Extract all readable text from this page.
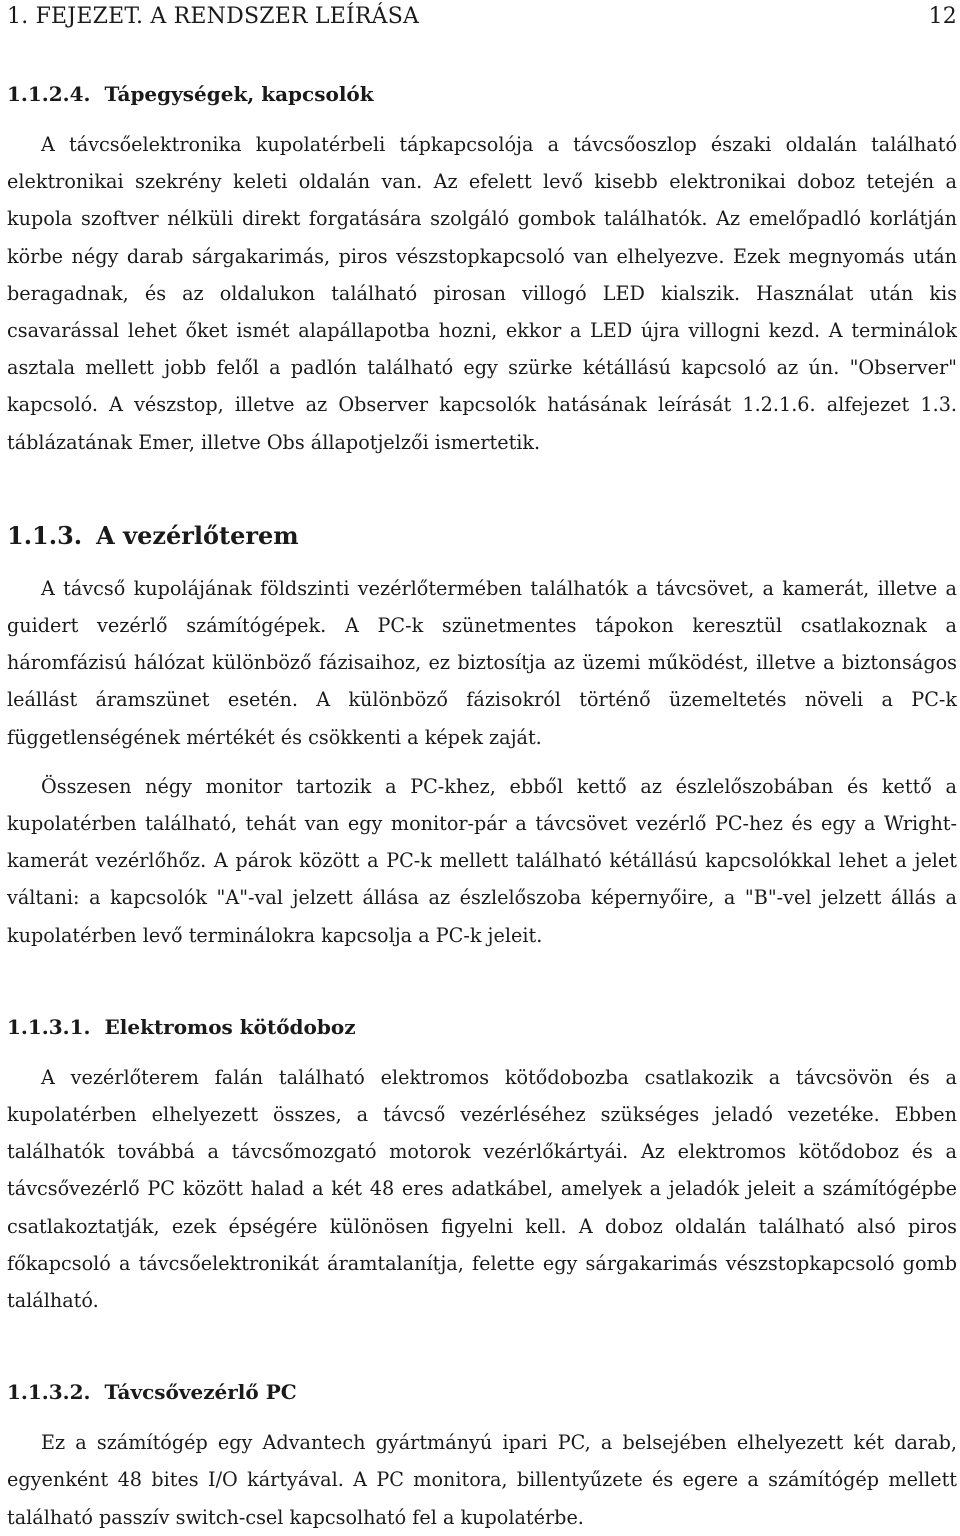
1. FEJEZET. A RENDSZER LEÍRÁSA	12
1.1.2.4. Tápegységek, kapcsolók

A távcsőelektronika kupolatérbeli tápkapcsolója a távcsőoszlop északi oldalán található elektronikai szekrény keleti oldalán van. Az efelett levő kisebb elektronikai doboz tetején a kupola szoftver nélküli direkt forgatására szolgáló gombok találhatók. Az emelőpadló korlátján körbe négy darab sárgakarimás, piros vészstopkapcsoló van elhelyezve. Ezek megnyomás után beragadnak, és az oldalukon található pirosan villogó LED kialszik. Használat után kis csavarással lehet őket ismét alapállapotba hozni, ekkor a LED újra villogni kezd. A terminálok asztala mellett jobb felől a padlón található egy szürke kétállású kapcsoló az ún. "Observer" kapcsoló. A vészstop, illetve az Observer kapcsolók hatásának leírását 1.2.1.6. alfejezet 1.3. táblázatának Emer, illetve Obs állapotjelzői ismertetik.

1.1.3. A vezérlőterem

A távcső kupolájának földszinti vezérlőtermében találhatók a távcsövet, a kamerát, illetve a guidert vezérlő számítógépek. A PC-k szünetmentes tápokon keresztül csatlakoznak a háromfázisú hálózat különböző fázisaihoz, ez biztosítja az üzemi működést, illetve a biztonságos leállást áramszünet esetén. A különböző fázisokról történő üzemeltetés növeli a PC-k függetlenségének mértékét és csökkenti a képek zaját.

Összesen négy monitor tartozik a PC-khez, ebből kettő az észlelőszobában és kettő a kupolatérben található, tehát van egy monitor-pár a távcsövet vezérlő PC-hez és egy a Wright-kamerát vezérlőhőz. A párok között a PC-k mellett található kétállású kapcsolókkal lehet a jelet váltani: a kapcsolók "A"-val jelzett állása az észlelőszoba képernyőire, a "B"-vel jelzett állás a kupolatérben levő terminálokra kapcsolja a PC-k jeleit.

1.1.3.1. Elektromos kötődoboz

A vezérlőterem falán található elektromos kötődobozba csatlakozik a távcsövön és a kupolatérben elhelyezett összes, a távcső vezérléséhez szükséges jeladó vezetéke. Ebben találhatók továbbá a távcsőmozgató motorok vezérlőkártyái. Az elektromos kötődoboz és a távcsővezérlő PC között halad a két 48 eres adatkábel, amelyek a jeladók jeleit a számítógépbe csatlakoztatják, ezek épségére különösen figyelni kell. A doboz oldalán található alsó piros főkapcsoló a távcsőelektronikát áramtalanítja, felette egy sárgakarimás vészstopkapcsoló gomb található.

1.1.3.2. Távcsővezérlő PC

Ez a számítógép egy Advantech gyártmányú ipari PC, a belsejében elhelyezett két darab, egyenként 48 bites I/O kártyával. A PC monitora, billentyűzete és egere a számítógép mellett található passzív switch-csel kapcsolható fel a kupolatérbe.
